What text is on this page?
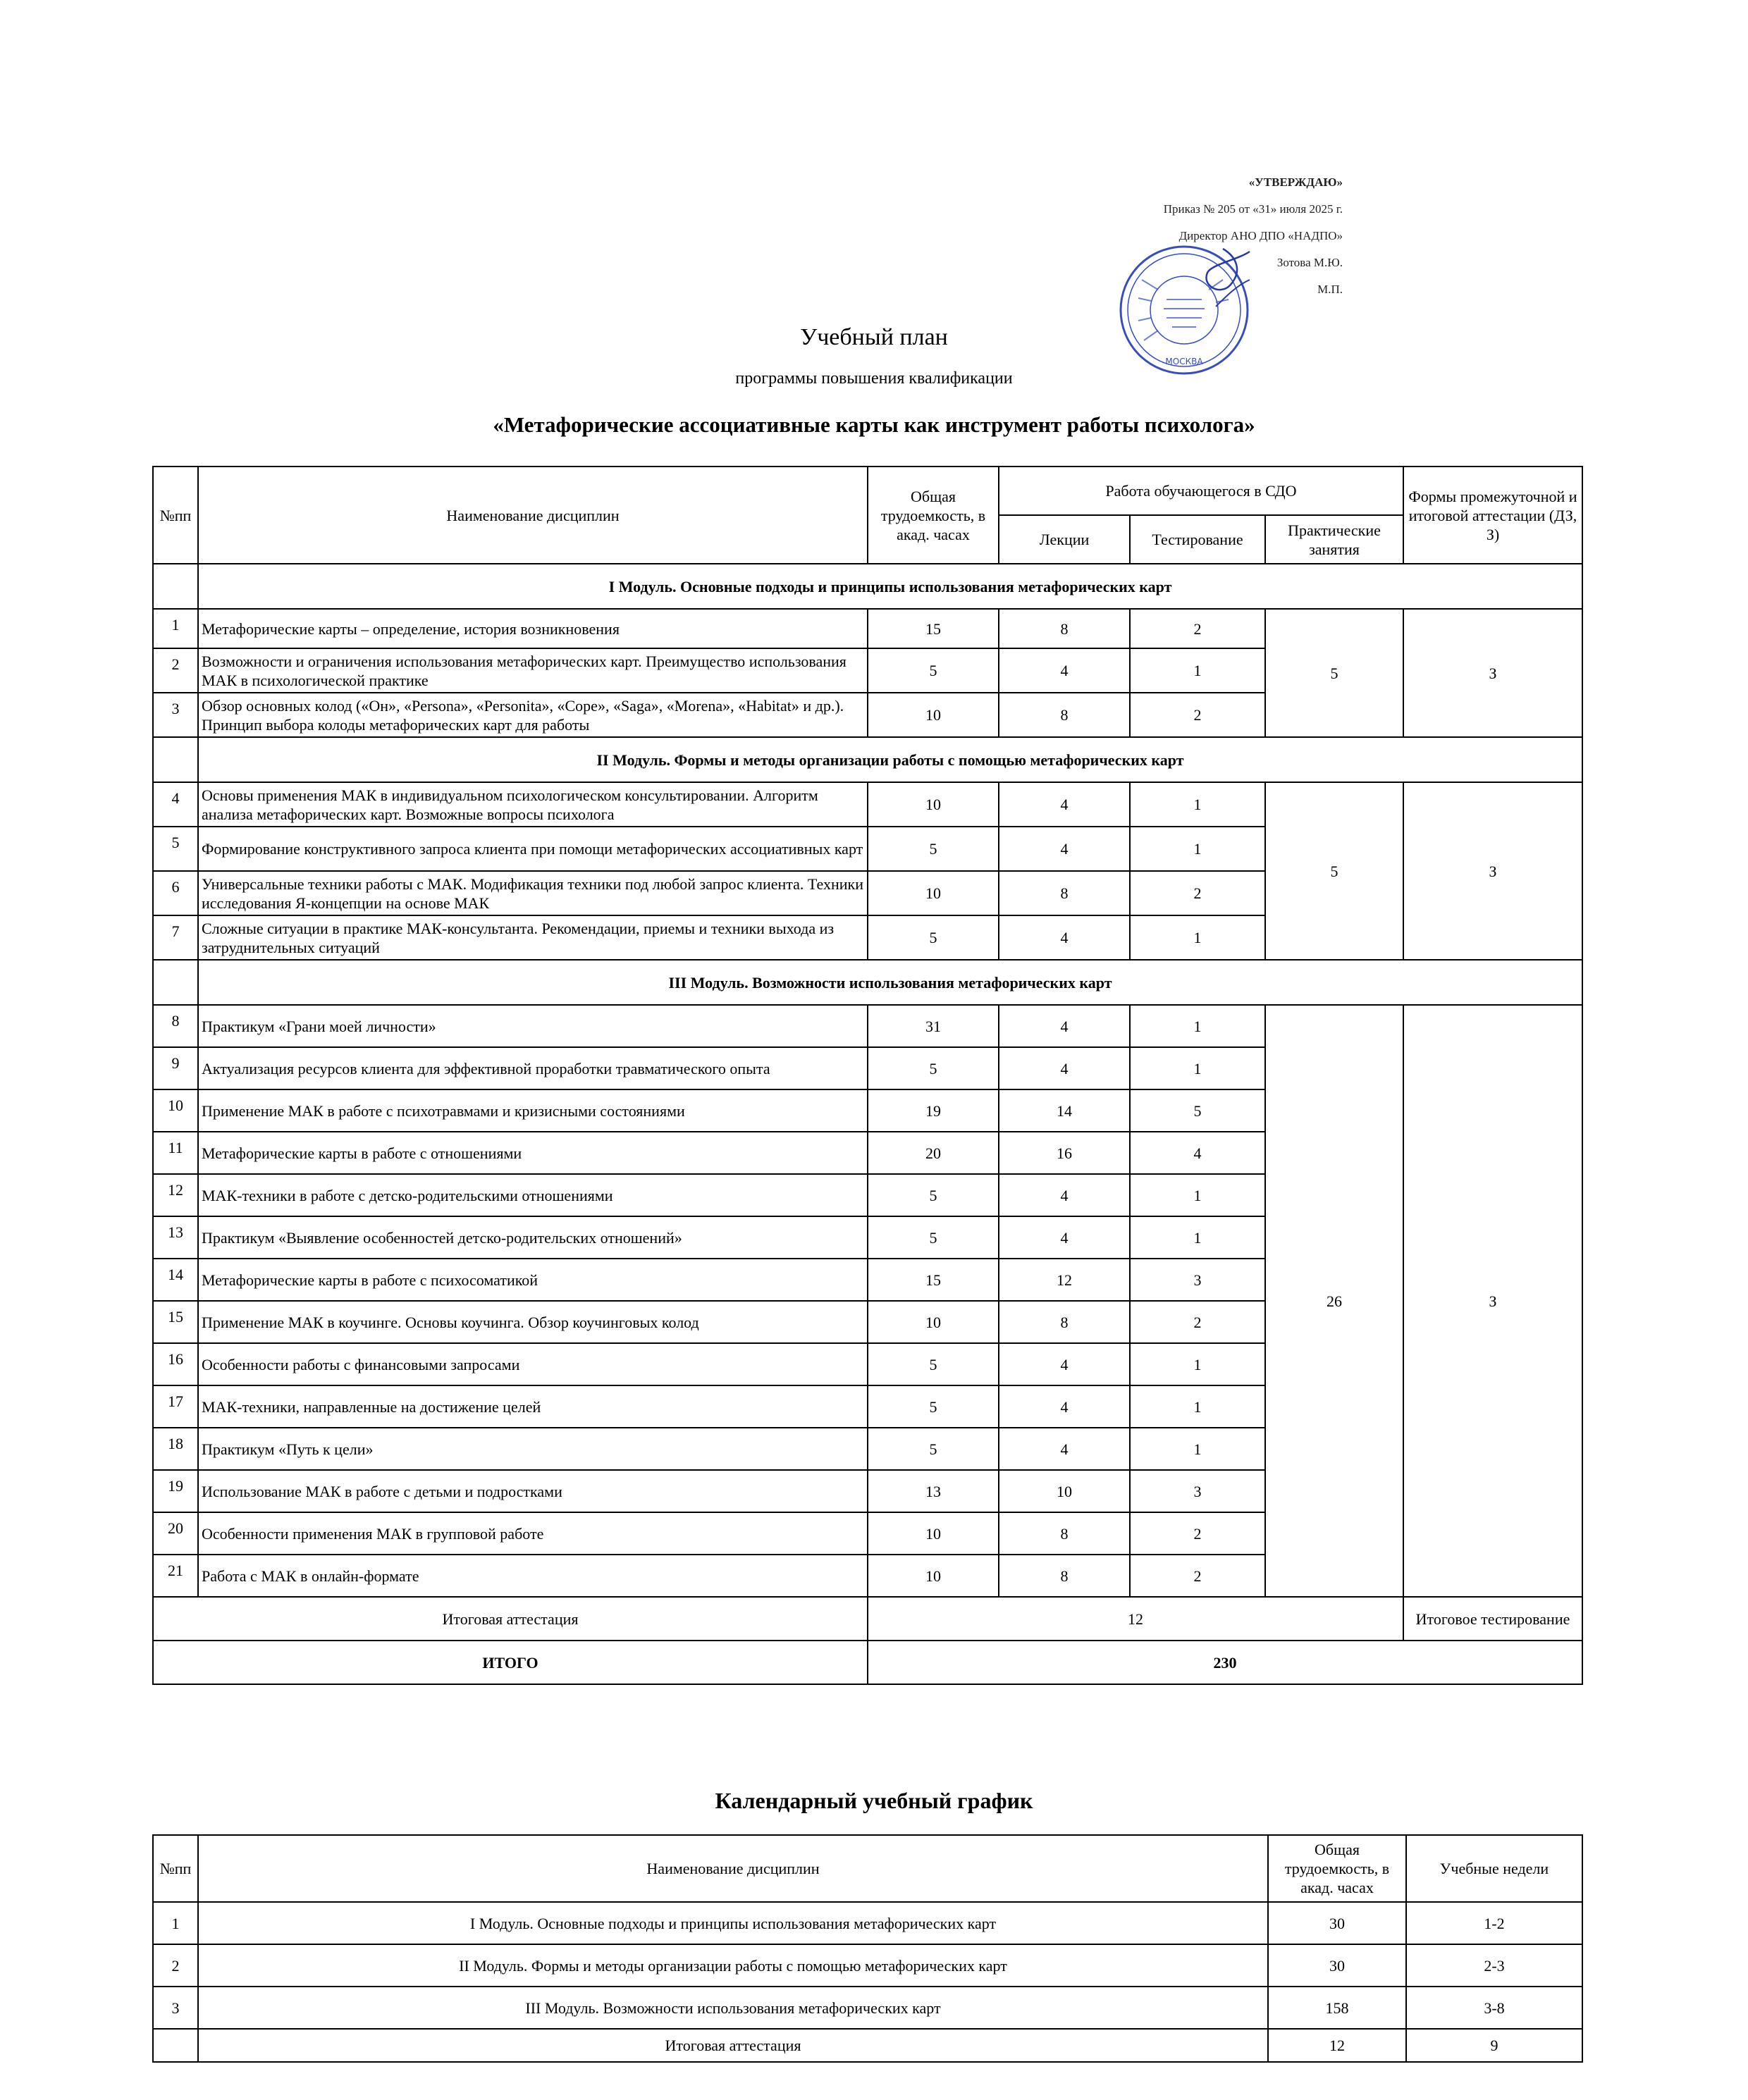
«УТВЕРЖДАЮ»
Приказ № 205 от «31» июля 2025 г.
Директор АНО ДПО «НАДПО»
Зотова М.Ю.
М.П.
МОСКВА
Учебный план
программы повышения квалификации
«Метафорические ассоциативные карты как инструмент работы психолога»
№пп	Наименование дисциплин	Общая трудоемкость, в акад. часах	Работа обучающегося в СДО			Формы промежуточной и итоговой аттестации (ДЗ, З)
			Лекции	Тестирование	Практические занятия	
	I Модуль. Основные подходы и принципы использования метафорических карт					
1	Метафорические карты – определение, история возникновения	15	8	2	5	З
2	Возможности и ограничения использования метафорических карт. Преимущество использования МАК в психологической практике	5	4	1		
3	Обзор основных колод («Он», «Persona», «Personita», «Cope», «Saga», «Morena», «Habitat» и др.). Принцип выбора колоды метафорических карт для работы	10	8	2		
	II Модуль. Формы и методы организации работы с помощью метафорических карт					
4	Основы применения МАК в индивидуальном психологическом консультировании. Алгоритм анализа метафорических карт. Возможные вопросы психолога	10	4	1	5	З
5	Формирование конструктивного запроса клиента при помощи метафорических ассоциативных карт	5	4	1		
6	Универсальные техники работы с МАК. Модификация техники под любой запрос клиента. Техники исследования Я-концепции на основе МАК	10	8	2		
7	Сложные ситуации в практике МАК-консультанта. Рекомендации, приемы и техники выхода из затруднительных ситуаций	5	4	1		
	III Модуль. Возможности использования метафорических карт					
8	Практикум «Грани моей личности»	31	4	1	26	З
9	Актуализация ресурсов клиента для эффективной проработки травматического опыта	5	4	1		
10	Применение МАК в работе с психотравмами и кризисными состояниями	19	14	5		
11	Метафорические карты в работе с отношениями	20	16	4		
12	МАК-техники в работе с детско-родительскими отношениями	5	4	1		
13	Практикум «Выявление особенностей детско-родительских отношений»	5	4	1		
14	Метафорические карты в работе с психосоматикой	15	12	3		
15	Применение МАК в коучинге. Основы коучинга. Обзор коучинговых колод	10	8	2		
16	Особенности работы с финансовыми запросами	5	4	1		
17	МАК-техники, направленные на достижение целей	5	4	1		
18	Практикум «Путь к цели»	5	4	1		
19	Использование МАК в работе с детьми и подростками	13	10	3		
20	Особенности применения МАК в групповой работе	10	8	2		
21	Работа с МАК в онлайн-формате	10	8	2		
Итоговая аттестация		12				Итоговое тестирование
ИТОГО		230				
Календарный учебный график
№пп	Наименование дисциплин	Общая трудоемкость, в акад. часах	Учебные недели
1	I Модуль. Основные подходы и принципы использования метафорических карт	30	1-2
2	II Модуль. Формы и методы организации работы с помощью метафорических карт	30	2-3
3	III Модуль. Возможности использования метафорических карт	158	3-8
	Итоговая аттестация	12	9
